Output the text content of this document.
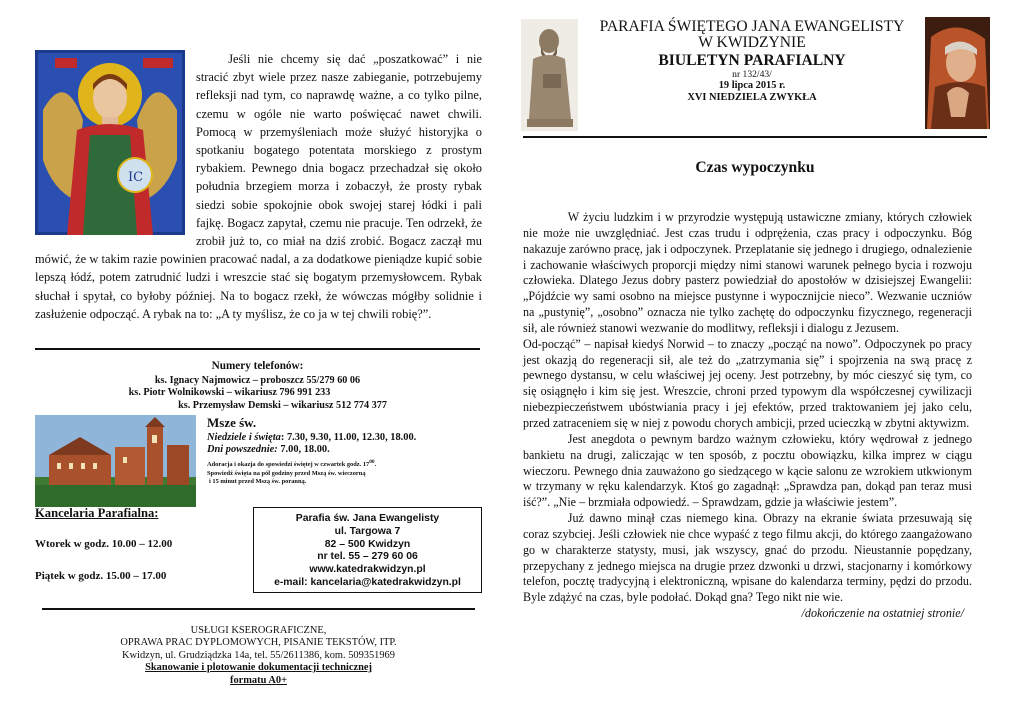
IC

Jeśli nie chcemy się dać „poszatkować” i nie stracić zbyt wiele przez nasze zabieganie, potrzebujemy refleksji nad tym, co naprawdę ważne, a co tylko pilne, czemu w ogóle nie warto poświęcać nawet chwili. Pomocą w przemyśleniach może służyć historyjka o spotkaniu bogatego potentata morskiego z prostym rybakiem. Pewnego dnia bogacz przechadzał się około południa brzegiem morza i zobaczył, że prosty rybak siedzi sobie spokojnie obok swojej starej łódki i pali fajkę. Bogacz zapytał, czemu nie pracuje. Ten odrzekł, że zrobił już to, co miał na dziś zrobić. Bogacz zaczął mu mówić, że w takim razie powinien pracować nadal, a za dodatkowe pieniądze kupić sobie lepszą łódź, potem zatrudnić ludzi i wreszcie stać się bogatym przemysłowcem. Rybak słuchał i spytał, co byłoby później. Na to bogacz rzekł, że wówczas mógłby solidnie i zasłużenie odpocząć. A rybak na to: „A ty myślisz, że co ja w tej chwili robię?”.

Numery telefonów:
ks. Ignacy Najmowicz – proboszcz 55/279 60 06
ks. Piotr Wolnikowski – wikariusz 796 991 233
ks. Przemysław Demski – wikariusz 512 774 377
Msze św.
Niedziele i święta: 7.30, 9.30, 11.00, 12.30, 18.00.
Dni powszednie: 7.00, 18.00.
Adoracja i okazja do spowiedzi świętej w czwartek godz. $17^{00}$.
Spowiedź święta na pół godziny przed Mszą św. wieczorną
i 15 minut przed Mszą św. poranną.
Kancelaria Parafialna:
Wtorek w godz. 10.00 – 12.00
Piątek w godz. 15.00 – 17.00
Parafia św. Jana Ewangelisty
ul. Targowa 7
82 – 500 Kwidzyn
nr tel. 55 – 279 60 06
www.katedrakwidzyn.pl
e-mail: kancelaria@katedrakwidzyn.pl
USŁUGI KSEROGRAFICZNE,
OPRAWA PRAC DYPLOMOWYCH, PISANIE TEKSTÓW, ITP.
Kwidzyn, ul. Grudziądzka 14a, tel. 55/2611386, kom. 509351969
Skanowanie i plotowanie dokumentacji technicznej
formatu A0+
PARAFIA ŚWIĘTEGO JANA EWANGELISTY
W KWIDZYNIE
BIULETYN PARAFIALNY
nr 132/43/
19 lipca 2015 r.
XVI NIEDZIELA ZWYKŁA
Czas wypoczynku

W życiu ludzkim i w przyrodzie występują ustawiczne zmiany, których człowiek nie może nie uwzględniać. Jest czas trudu i odprężenia, czas pracy i odpoczynku. Bóg nakazuje zarówno pracę, jak i odpoczynek. Przeplatanie się jednego i drugiego, odnalezienie i zachowanie właściwych proporcji między nimi stanowi warunek pełnego bycia i rozwoju człowieka. Dlatego Jezus dobry pasterz powiedział do apostołów w dzisiejszej Ewangelii: „Pójdźcie wy sami osobno na miejsce pustynne i wypocznijcie nieco”. Wezwanie uczniów na „pustynię”, „osobno” oznacza nie tylko zachętę do odpoczynku fizycznego, regeneracji sił, ale również stanowi wezwanie do modlitwy, refleksji i dialogu z Jezusem.

Od-począć” – napisał kiedyś Norwid – to znaczy „począć na nowo”. Odpoczynek po pracy jest okazją do regeneracji sił, ale też do „zatrzymania się” i spojrzenia na swą pracę z pewnego dystansu, w celu właściwej jej oceny. Jest potrzebny, by móc cieszyć się tym, co się osiągnęło i kim się jest. Wreszcie, chroni przed typowym dla współczesnej cywilizacji niebezpieczeństwem ubóstwiania pracy i jej efektów, przed traktowaniem jej jako celu, przed zatraceniem się w niej z powodu chorych ambicji, przed ucieczką w zbytni aktywizm.

Jest anegdota o pewnym bardzo ważnym człowieku, który wędrował z jednego bankietu na drugi, zaliczając w ten sposób, z pocztu obowiązku, kilka imprez w ciągu wieczoru. Pewnego dnia zauważono go siedzącego w kącie salonu ze wzrokiem utkwionym w trzymany w ręku kalendarzyk. Ktoś go zagadnął: „Sprawdza pan, dokąd pan teraz musi iść?”. „Nie – brzmiała odpowiedź. – Sprawdzam, gdzie ja właściwie jestem”.

Już dawno minął czas niemego kina. Obrazy na ekranie świata przesuwają się coraz szybciej. Jeśli człowiek nie chce wypaść z tego filmu akcji, do którego zaangażowano go w charakterze statysty, musi, jak wszyscy, gnać do przodu. Nieustannie popędzany, przepychany z jednego miejsca na drugie przez dzwonki u drzwi, stacjonarny i komórkowy telefon, pocztę tradycyjną i elektroniczną, wpisane do kalendarza terminy, pędzi do przodu. Byle zdążyć na czas, byle podołać. Dokąd gna? Tego nikt nie wie.

/dokończenie na ostatniej stronie/
